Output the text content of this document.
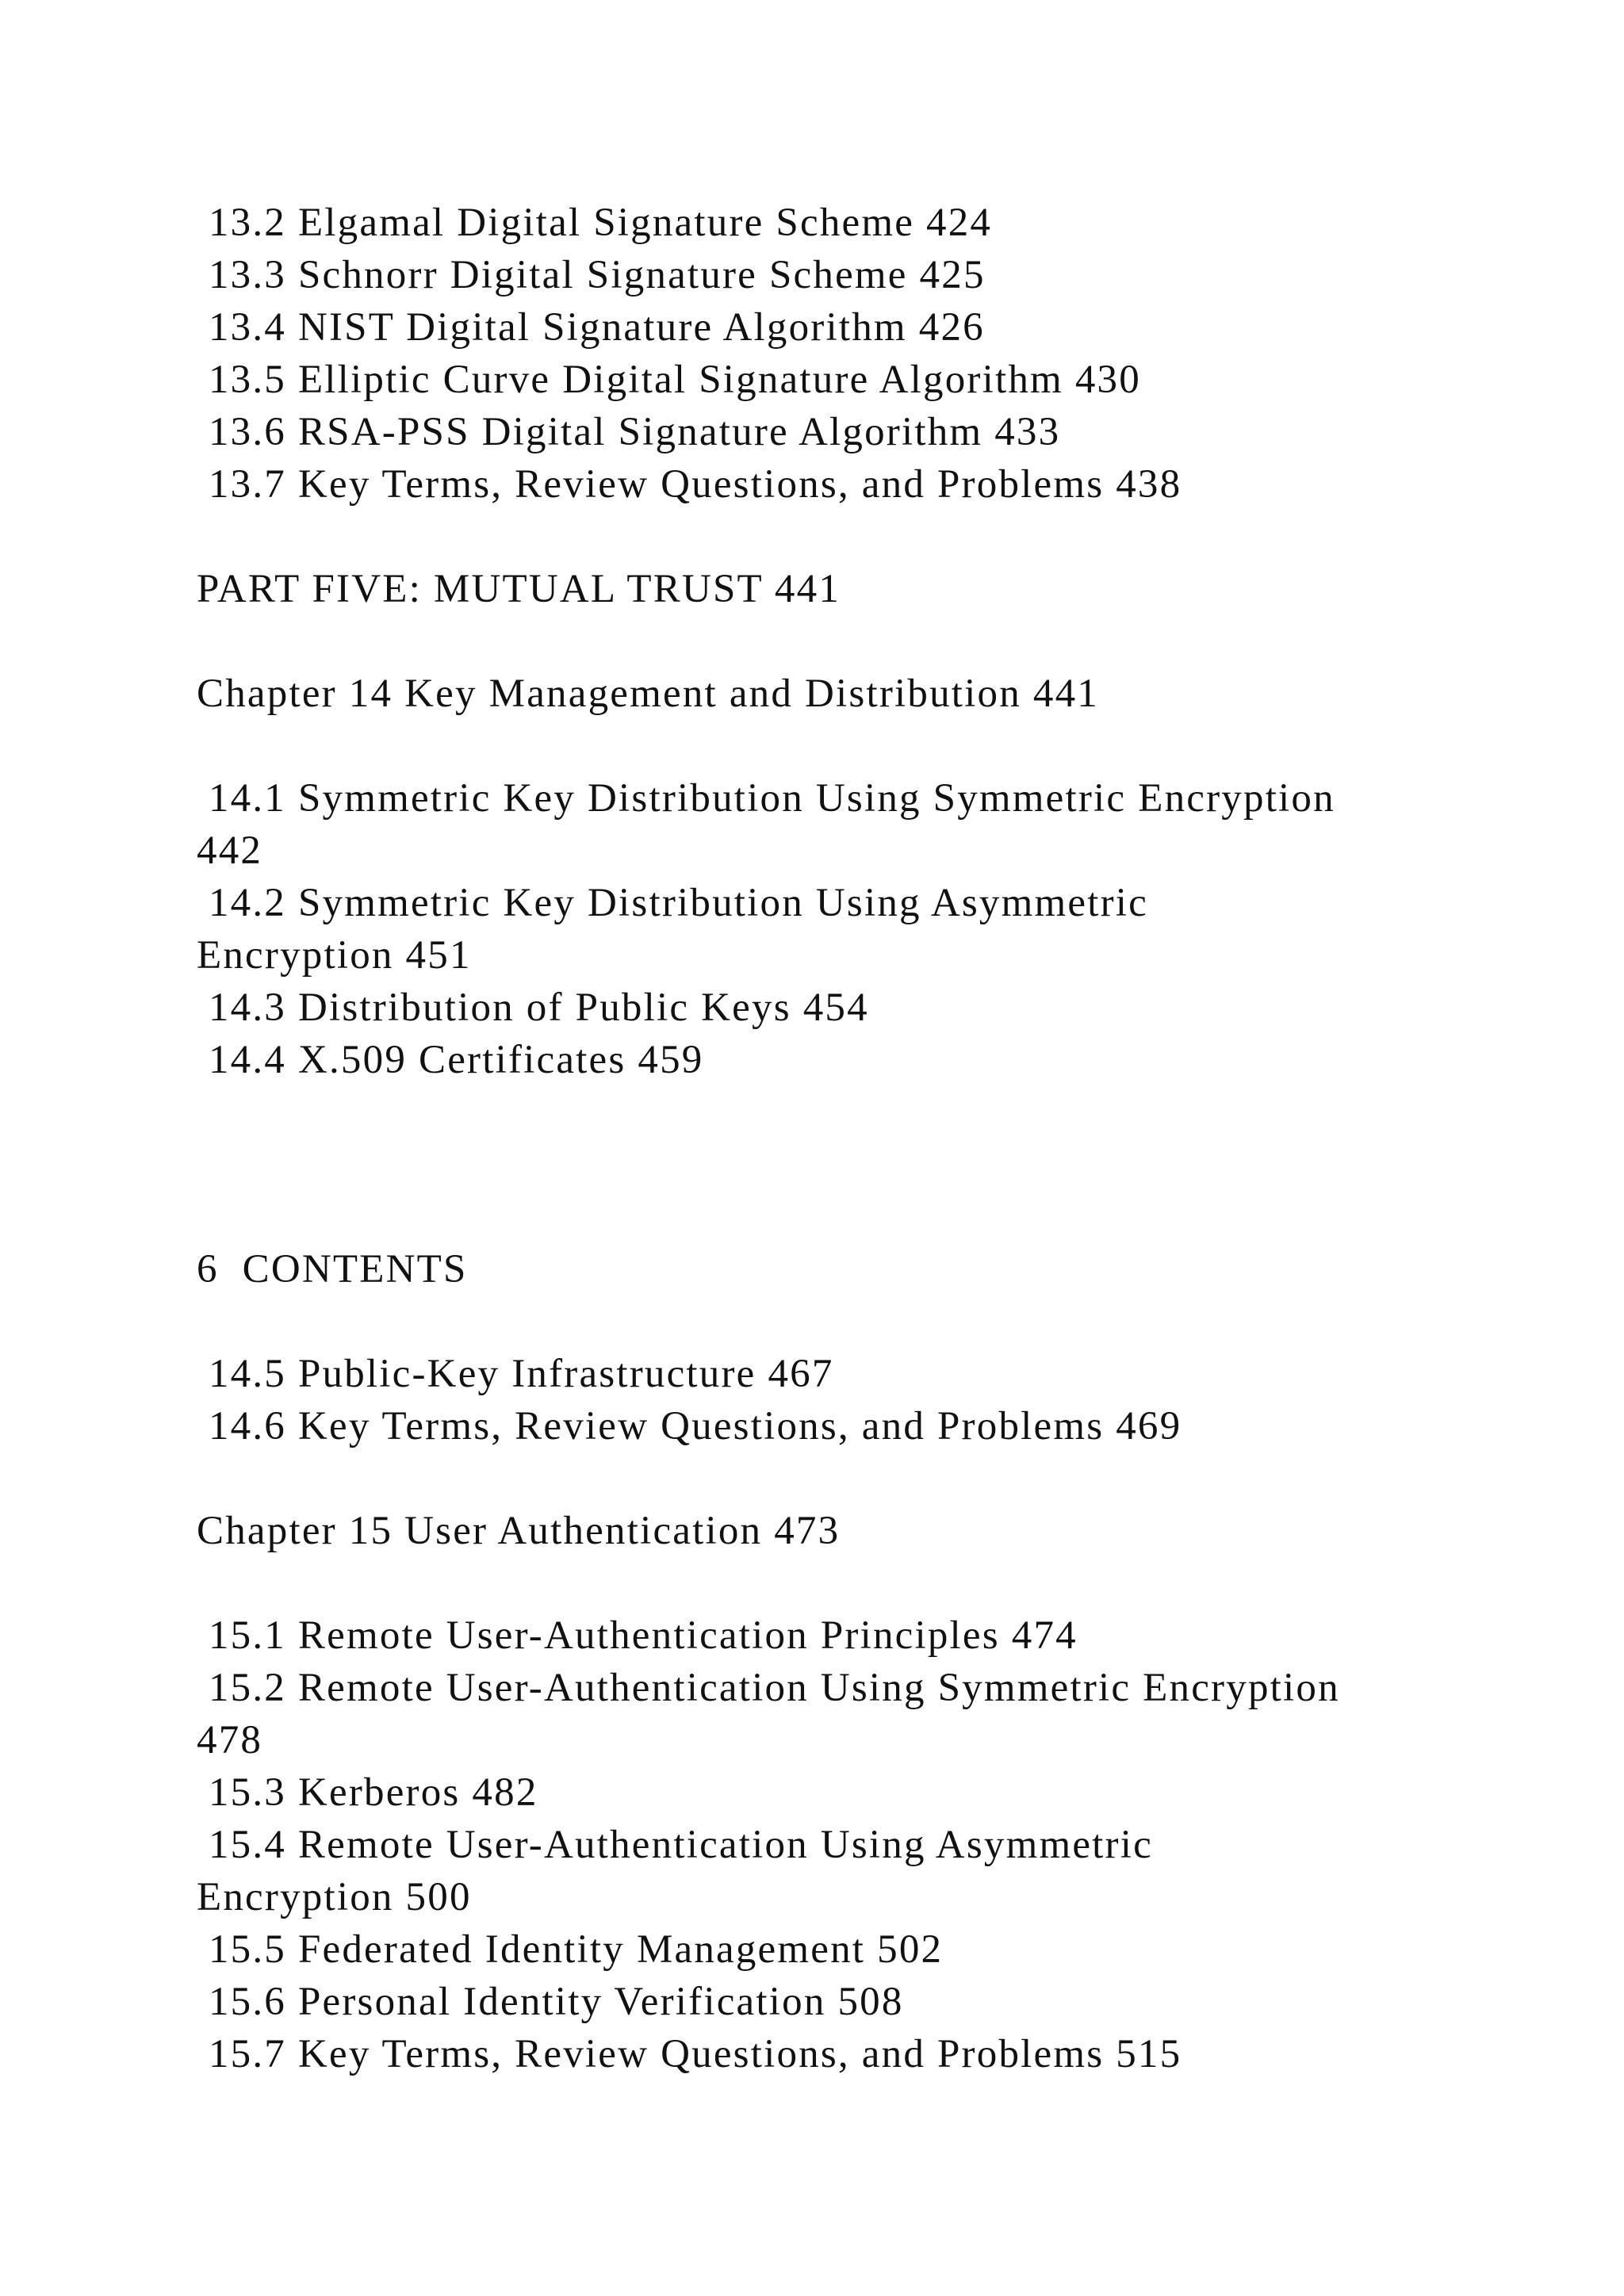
13.2 Elgamal Digital Signature Scheme 424
13.3 Schnorr Digital Signature Scheme 425
13.4 NIST Digital Signature Algorithm 426
13.5 Elliptic Curve Digital Signature Algorithm 430
13.6 RSA-PSS Digital Signature Algorithm 433
13.7 Key Terms, Review Questions, and Problems 438
PART FIVE: MUTUAL TRUST 441
Chapter 14 Key Management and Distribution 441
14.1 Symmetric Key Distribution Using Symmetric Encryption
442
14.2 Symmetric Key Distribution Using Asymmetric
Encryption 451
14.3 Distribution of Public Keys 454
14.4 X.509 Certificates 459
6  CONTENTS
14.5 Public-Key Infrastructure 467
14.6 Key Terms, Review Questions, and Problems 469
Chapter 15 User Authentication 473
15.1 Remote User-Authentication Principles 474
15.2 Remote User-Authentication Using Symmetric Encryption
478
15.3 Kerberos 482
15.4 Remote User-Authentication Using Asymmetric
Encryption 500
15.5 Federated Identity Management 502
15.6 Personal Identity Verification 508
15.7 Key Terms, Review Questions, and Problems 515
